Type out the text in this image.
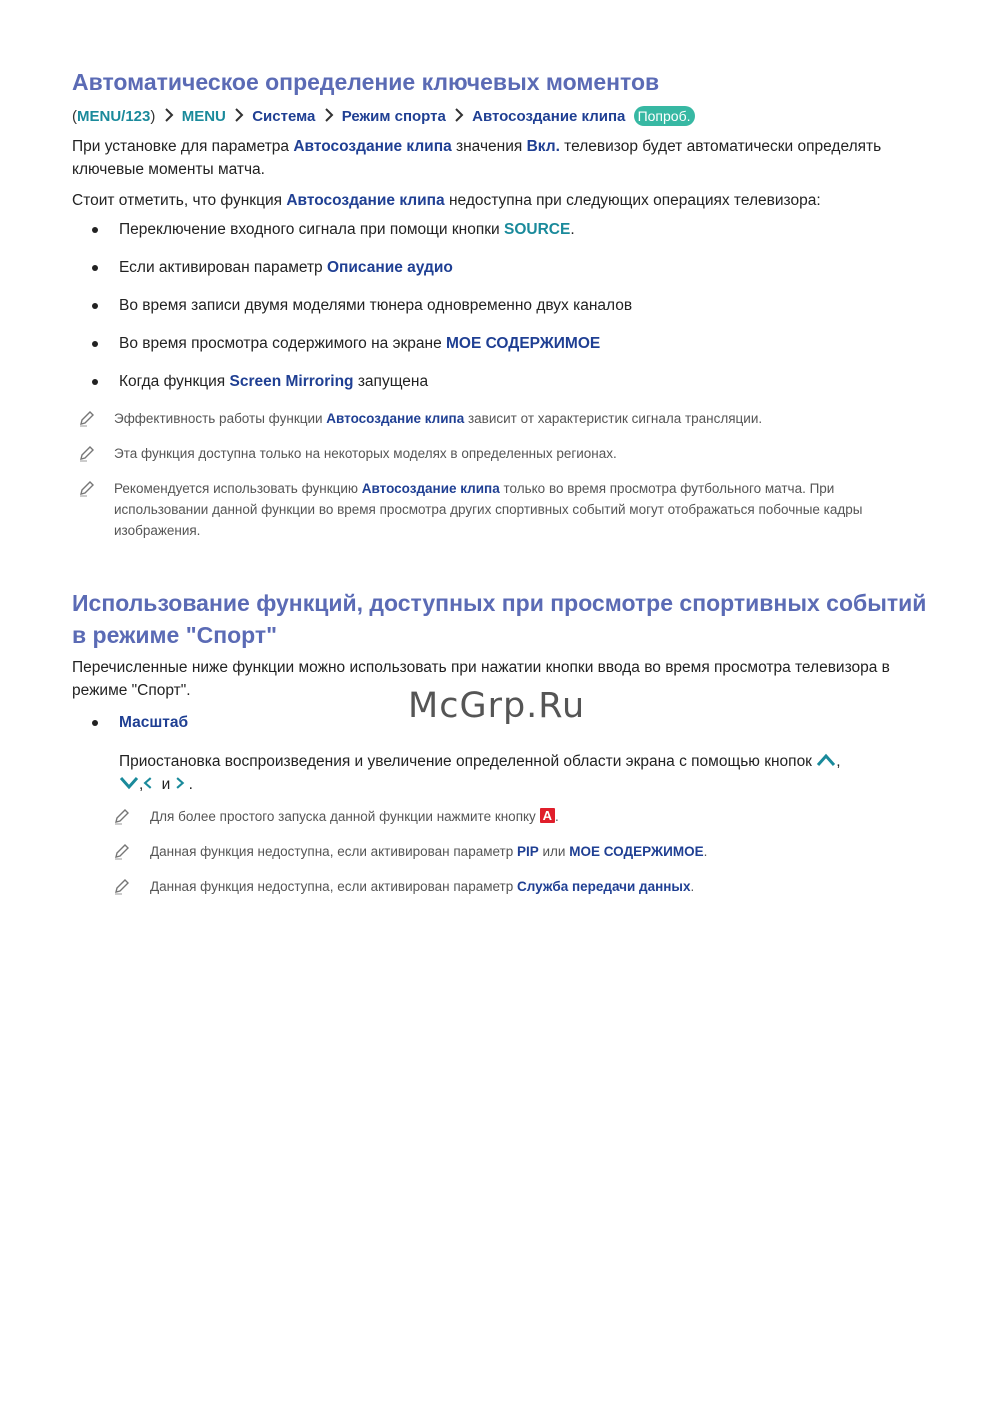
Автоматическое определение ключевых моментов
(MENU/123) MENU Система Режим спорта Автосоздание клипа Попроб.

При установке для параметра Автосоздание клипа значения Вкл. телевизор будет автоматически определять ключевые моменты матча.

Стоит отметить, что функция Автосоздание клипа недоступна при следующих операциях телевизора:

Переключение входного сигнала при помощи кнопки SOURCE.
Если активирован параметр Описание аудио
Во время записи двумя моделями тюнера одновременно двух каналов
Во время просмотра содержимого на экране МОЕ СОДЕРЖИМОЕ
Когда функция Screen Mirroring запущена
Эффективность работы функции Автосоздание клипа зависит от характеристик сигнала трансляции.
Эта функция доступна только на некоторых моделях в определенных регионах.
Рекомендуется использовать функцию Автосоздание клипа только во время просмотра футбольного матча. При использовании данной функции во время просмотра других спортивных событий могут отображаться побочные кадры изображения.
Использование функций, доступных при просмотре спортивных событий в режиме "Спорт"

Перечисленные ниже функции можно использовать при нажатии кнопки ввода во время просмотра телевизора в режиме "Спорт".

Масштаб
Приостановка воспроизведения и увеличение определенной области экрана с помощью кнопок ,
, и .
Для более простого запуска данной функции нажмите кнопку A .
Данная функция недоступна, если активирован параметр PIP или МОЕ СОДЕРЖИМОЕ.
Данная функция недоступна, если активирован параметр Служба передачи данных.
McGrp.Ru
